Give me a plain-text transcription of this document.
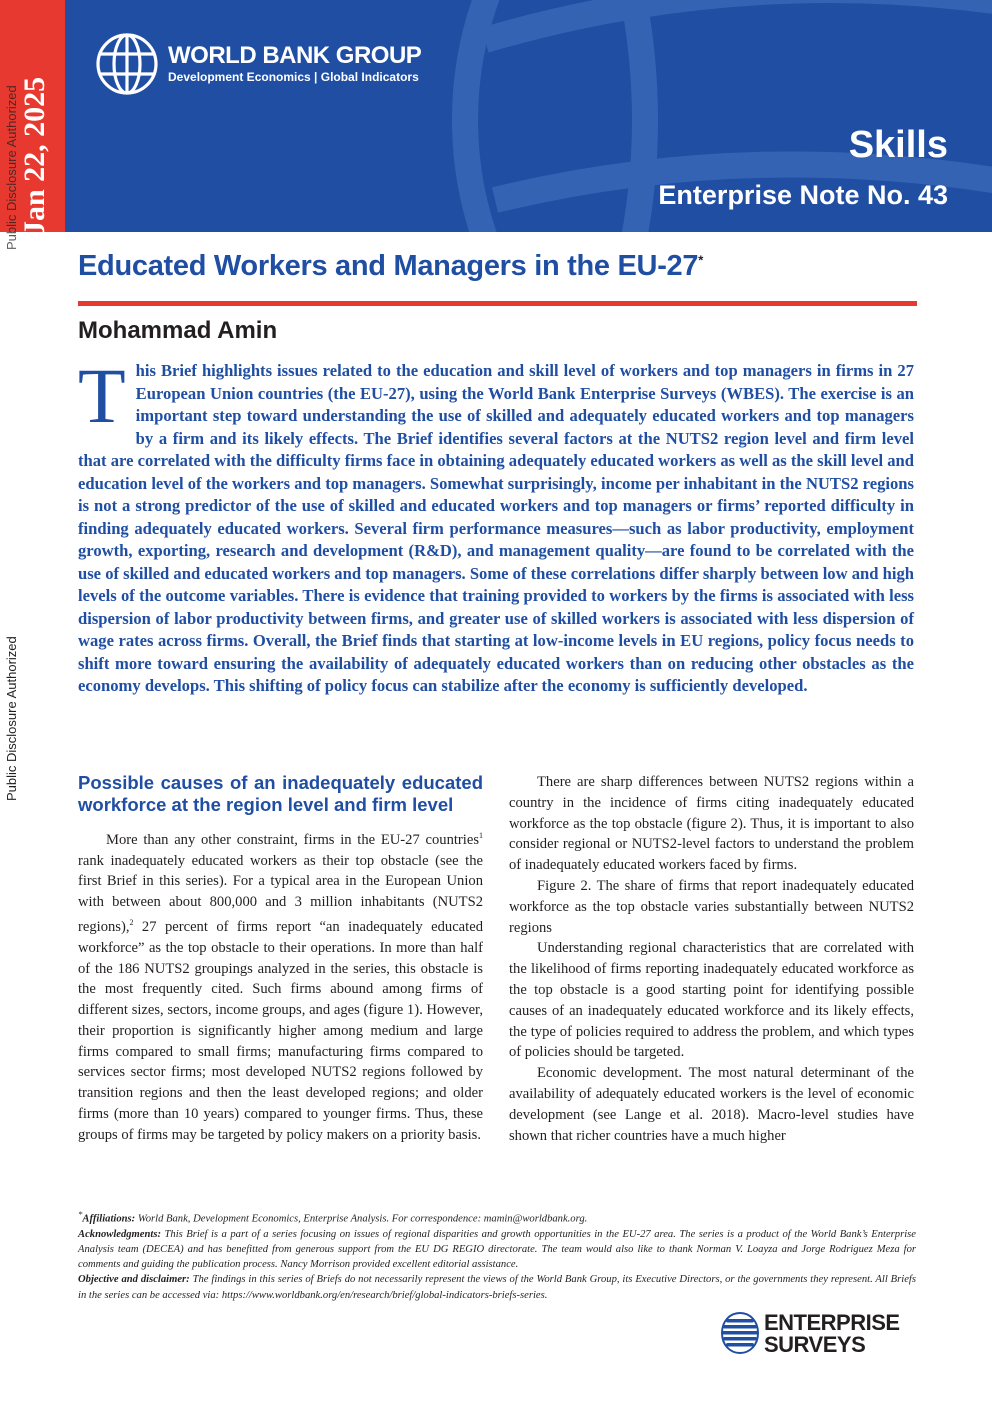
Jan 22, 2025
Public Disclosure Authorized
Public Disclosure Authorized
WORLD BANK GROUP
Development Economics | Global Indicators
Skills
Enterprise Note No. 43
Educated Workers and Managers in the EU-27*
Mohammad Amin
This Brief highlights issues related to the education and skill level of workers and top managers in firms in 27 European Union countries (the EU-27), using the World Bank Enterprise Surveys (WBES). The exercise is an important step toward understanding the use of skilled and adequately educated workers and top managers by a firm and its likely effects. The Brief identifies several factors at the NUTS2 region level and firm level that are correlated with the difficulty firms face in obtaining adequately educated workers as well as the skill level and education level of the workers and top managers. Somewhat surprisingly, income per inhabitant in the NUTS2 regions is not a strong predictor of the use of skilled and educated workers and top managers or firms’ reported difficulty in finding adequately educated workers. Several firm performance measures—such as labor productivity, employment growth, exporting, research and development (R&D), and management quality—are found to be correlated with the use of skilled and educated workers and top managers. Some of these correlations differ sharply between low and high levels of the outcome variables. There is evidence that training provided to workers by the firms is associated with less dispersion of labor productivity between firms, and greater use of skilled workers is associated with less dispersion of wage rates across firms. Overall, the Brief finds that starting at low-income levels in EU regions, policy focus needs to shift more toward ensuring the availability of adequately educated workers than on reducing other obstacles as the economy develops. This shifting of policy focus can stabilize after the economy is sufficiently developed.
Possible causes of an inadequately educated workforce at the region level and firm level

More than any other constraint, firms in the EU-27 countries$^1$ rank inadequately educated workers as their top obstacle (see the first Brief in this series). For a typical area in the European Union with between about 800,000 and 3 million inhabitants (NUTS2 regions),$^2$ 27 percent of firms report “an inadequately educated workforce” as the top obstacle to their operations. In more than half of the 186 NUTS2 groupings analyzed in the series, this obstacle is the most frequently cited. Such firms abound among firms of different sizes, sectors, income groups, and ages (figure 1). However, their proportion is significantly higher among medium and large firms compared to small firms; manufacturing firms compared to services sector firms; most developed NUTS2 regions followed by transition regions and then the least developed regions; and older firms (more than 10 years) compared to younger firms. Thus, these groups of firms may be targeted by policy makers on a priority basis.

There are sharp differences between NUTS2 regions within a country in the incidence of firms citing inadequately educated workforce as the top obstacle (figure 2). Thus, it is important to also consider regional or NUTS2-level factors to understand the problem of inadequately educated workers faced by firms.

Figure 2. The share of firms that report inadequately educated workforce as the top obstacle varies substantially between NUTS2 regions

Understanding regional characteristics that are correlated with the likelihood of firms reporting inadequately educated workforce as the top obstacle is a good starting point for identifying possible causes of an inadequately educated workforce and its likely effects, the type of policies required to address the problem, and which types of policies should be targeted.

Economic development. The most natural determinant of the availability of adequately educated workers is the level of economic development (see Lange et al. 2018). Macro-level studies have shown that richer countries have a much higher

*Affiliations: World Bank, Development Economics, Enterprise Analysis. For correspondence: mamin@worldbank.org.

Acknowledgments: This Brief is a part of a series focusing on issues of regional disparities and growth opportunities in the EU-27 area. The series is a product of the World Bank’s Enterprise Analysis team (DECEA) and has benefitted from generous support from the EU DG REGIO directorate. The team would also like to thank Norman V. Loayza and Jorge Rodriguez Meza for comments and guiding the publication process. Nancy Morrison provided excellent editorial assistance.

Objective and disclaimer: The findings in this series of Briefs do not necessarily represent the views of the World Bank Group, its Executive Directors, or the governments they represent. All Briefs in the series can be accessed via: https://www.worldbank.org/en/research/brief/global-indicators-briefs-series.

ENTERPRISE
SURVEYS
